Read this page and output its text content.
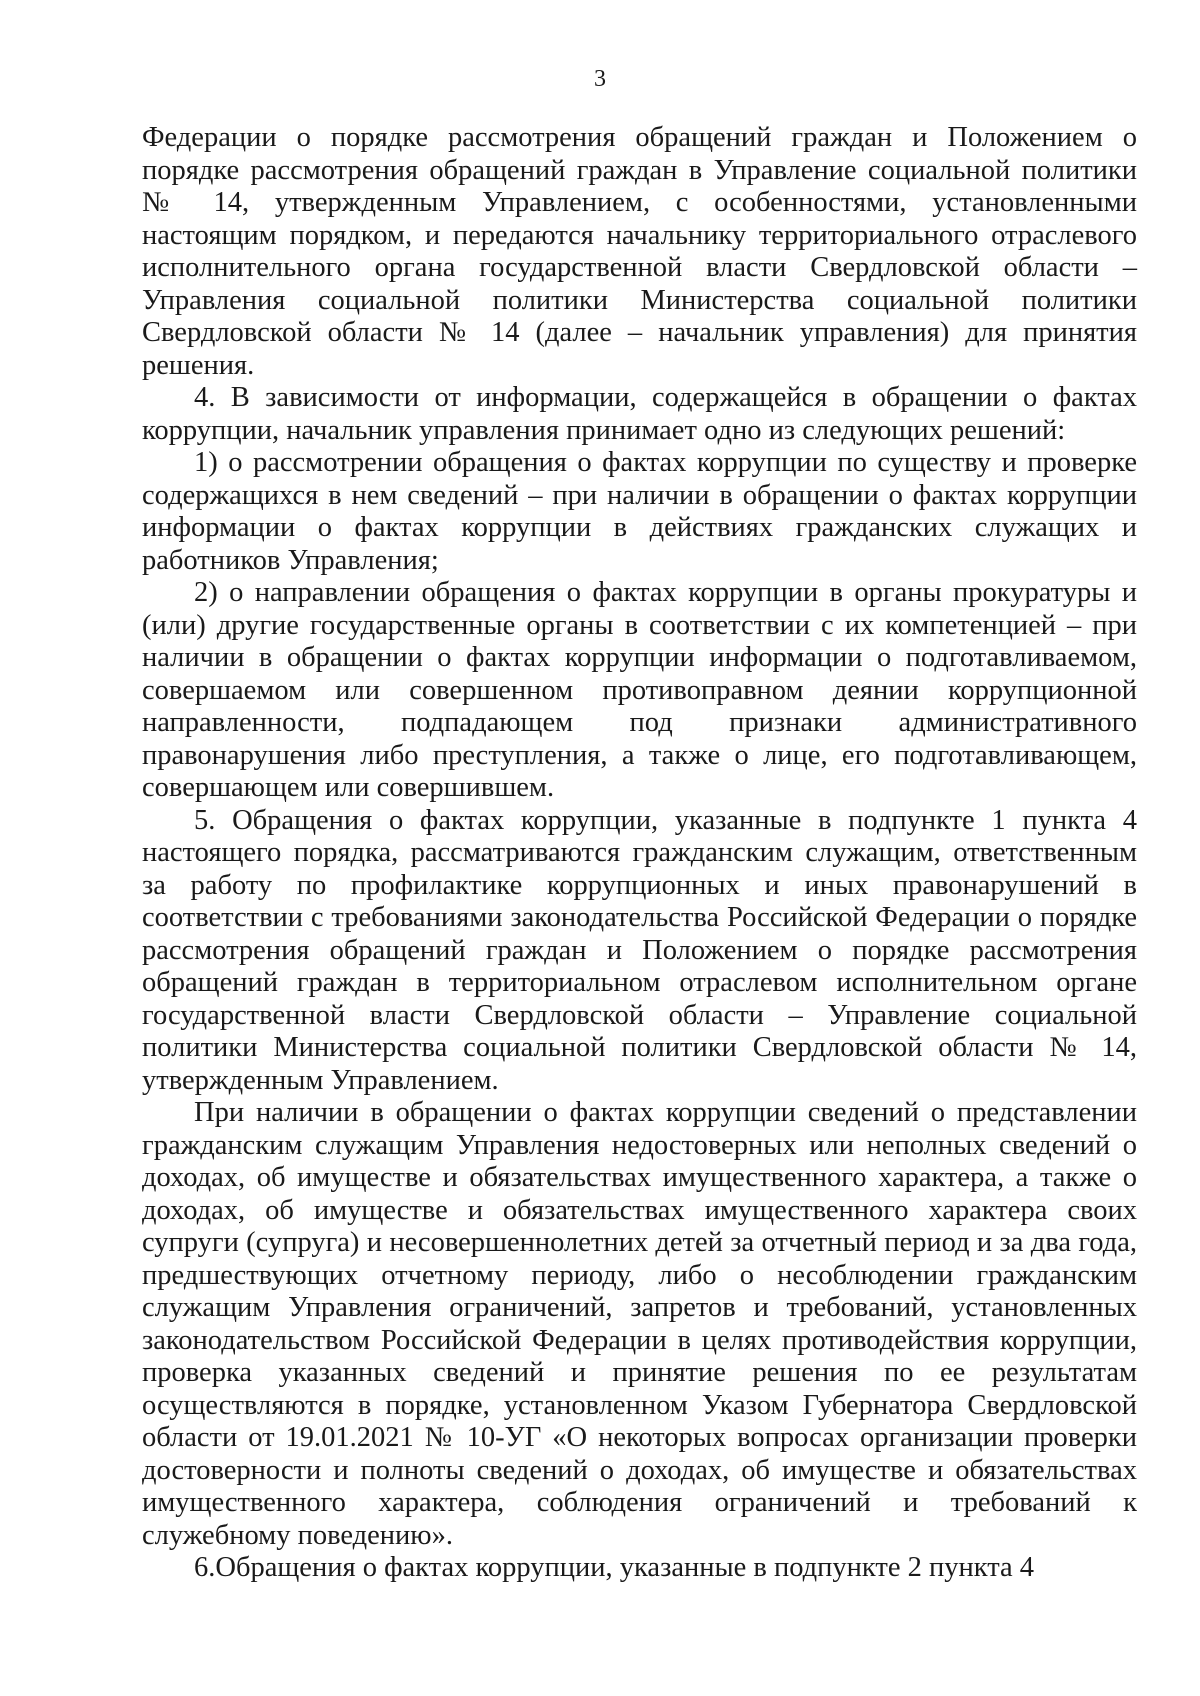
3

Федерации о порядке рассмотрения обращений граждан и Положением о порядке рассмотрения обращений граждан в Управление социальной политики № 14, утвержденным Управлением, с особенностями, установленными настоящим порядком, и передаются начальнику территориального отраслевого исполнительного органа государственной власти Свердловской области – Управления социальной политики Министерства социальной политики Свердловской области № 14 (далее – начальник управления) для принятия решения.

4. В зависимости от информации, содержащейся в обращении о фактах коррупции, начальник управления принимает одно из следующих решений:

1) о рассмотрении обращения о фактах коррупции по существу и проверке содержащихся в нем сведений – при наличии в обращении о фактах коррупции информации о фактах коррупции в действиях гражданских служащих и работников Управления;

2) о направлении обращения о фактах коррупции в органы прокуратуры и (или) другие государственные органы в соответствии с их компетенцией – при наличии в обращении о фактах коррупции информации о подготавливаемом, совершаемом или совершенном противоправном деянии коррупционной направленности, подпадающем под признаки административного правонарушения либо преступления, а также о лице, его подготавливающем, совершающем или совершившем.

5. Обращения о фактах коррупции, указанные в подпункте 1 пункта 4 настоящего порядка, рассматриваются гражданским служащим, ответственным за работу по профилактике коррупционных и иных правонарушений в соответствии с требованиями законодательства Российской Федерации о порядке рассмотрения обращений граждан и Положением о порядке рассмотрения обращений граждан в территориальном отраслевом исполнительном органе государственной власти Свердловской области – Управление социальной политики Министерства социальной политики Свердловской области № 14, утвержденным Управлением.

При наличии в обращении о фактах коррупции сведений о представлении гражданским служащим Управления недостоверных или неполных сведений о доходах, об имуществе и обязательствах имущественного характера, а также о доходах, об имуществе и обязательствах имущественного характера своих супруги (супруга) и несовершеннолетних детей за отчетный период и за два года, предшествующих отчетному периоду, либо о несоблюдении гражданским служащим Управления ограничений, запретов и требований, установленных законодательством Российской Федерации в целях противодействия коррупции, проверка указанных сведений и принятие решения по ее результатам осуществляются в порядке, установленном Указом Губернатора Свердловской области от 19.01.2021 № 10-УГ «О некоторых вопросах организации проверки достоверности и полноты сведений о доходах, об имуществе и обязательствах имущественного характера, соблюдения ограничений и требований к служебному поведению».

6.Обращения о фактах коррупции, указанные в подпункте 2 пункта 4
